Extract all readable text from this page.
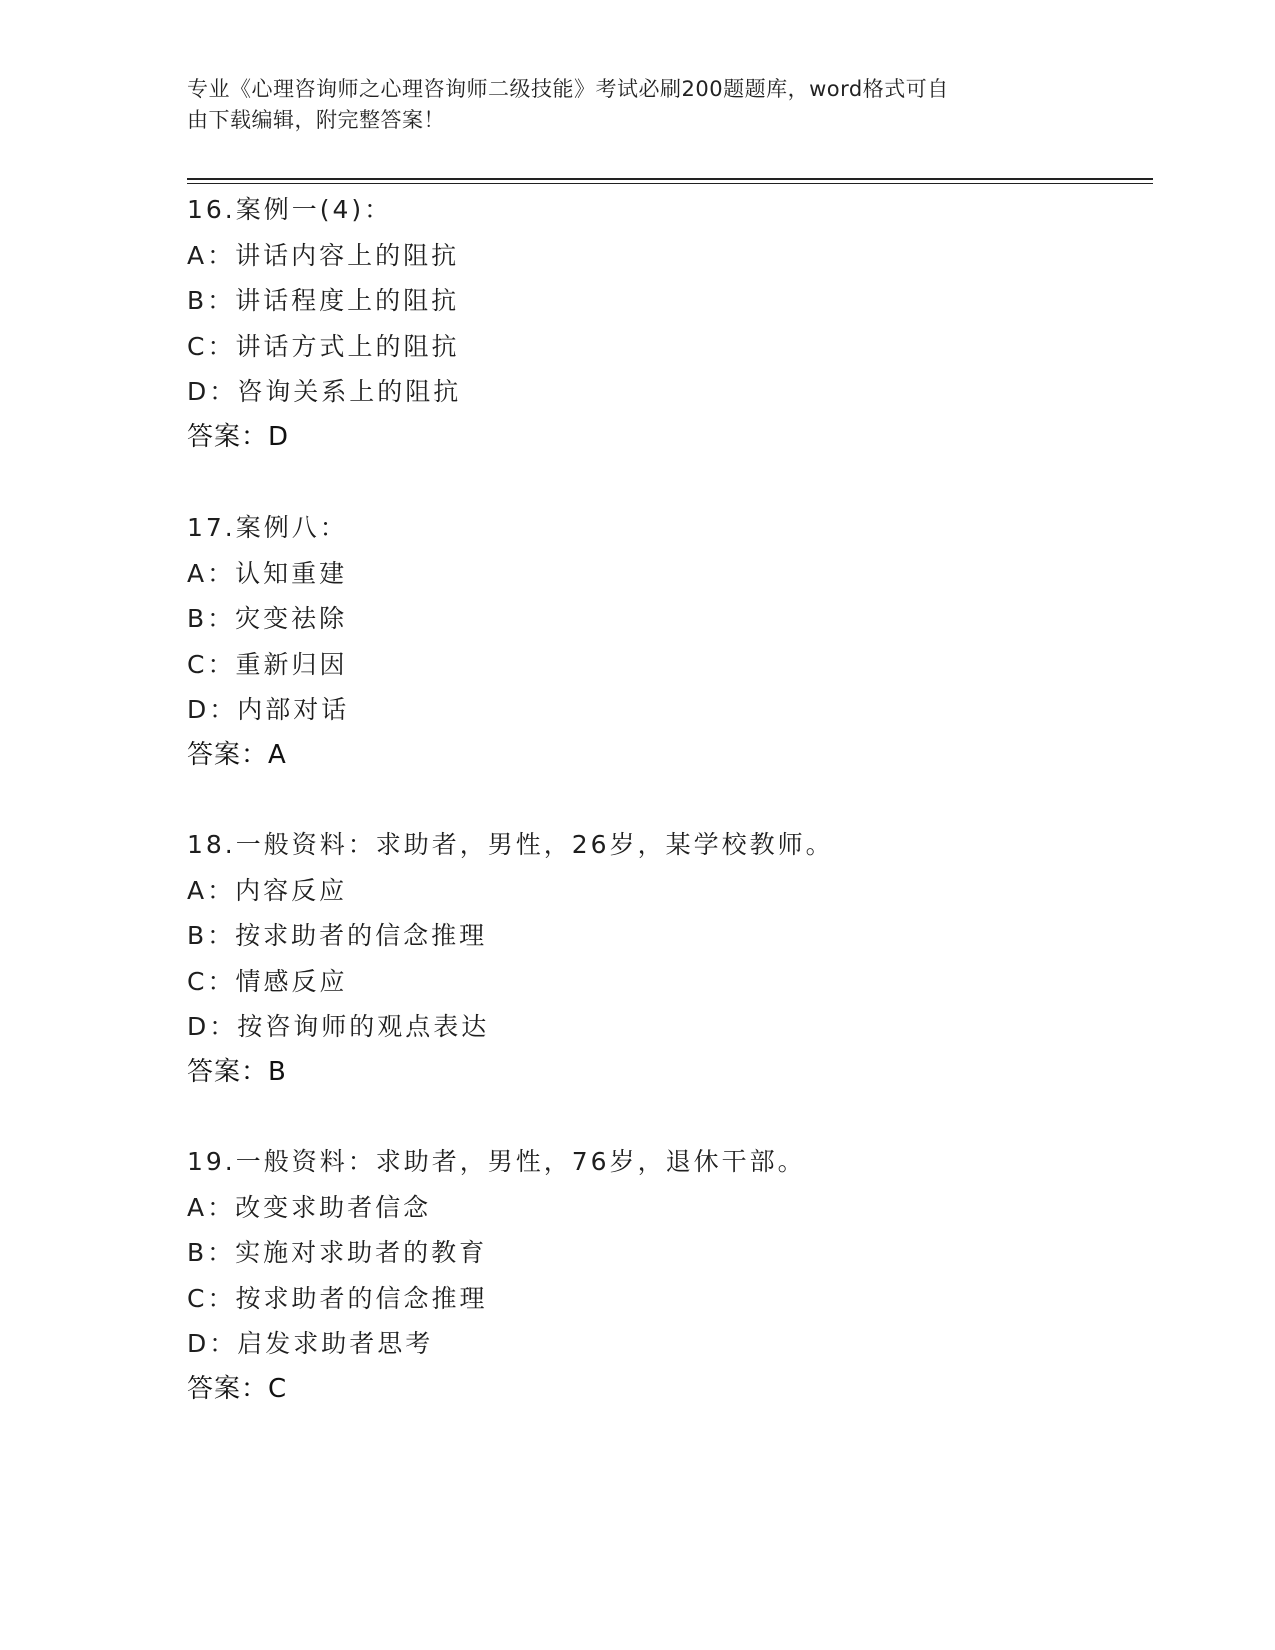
专业《心理咨询师之心理咨询师二级技能》考试必刷200题题库，word格式可自
由下载编辑，附完整答案！
16.案例一(4)：
A：讲话内容上的阻抗
B：讲话程度上的阻抗
C：讲话方式上的阻抗
D：咨询关系上的阻抗
答案：D
17.案例八：
A：认知重建
B：灾变祛除
C：重新归因
D：内部对话
答案：A
18.一般资料：求助者，男性，26岁，某学校教师。
A：内容反应
B：按求助者的信念推理
C：情感反应
D：按咨询师的观点表达
答案：B
19.一般资料：求助者，男性，76岁，退休干部。
A：改变求助者信念
B：实施对求助者的教育
C：按求助者的信念推理
D：启发求助者思考
答案：C
